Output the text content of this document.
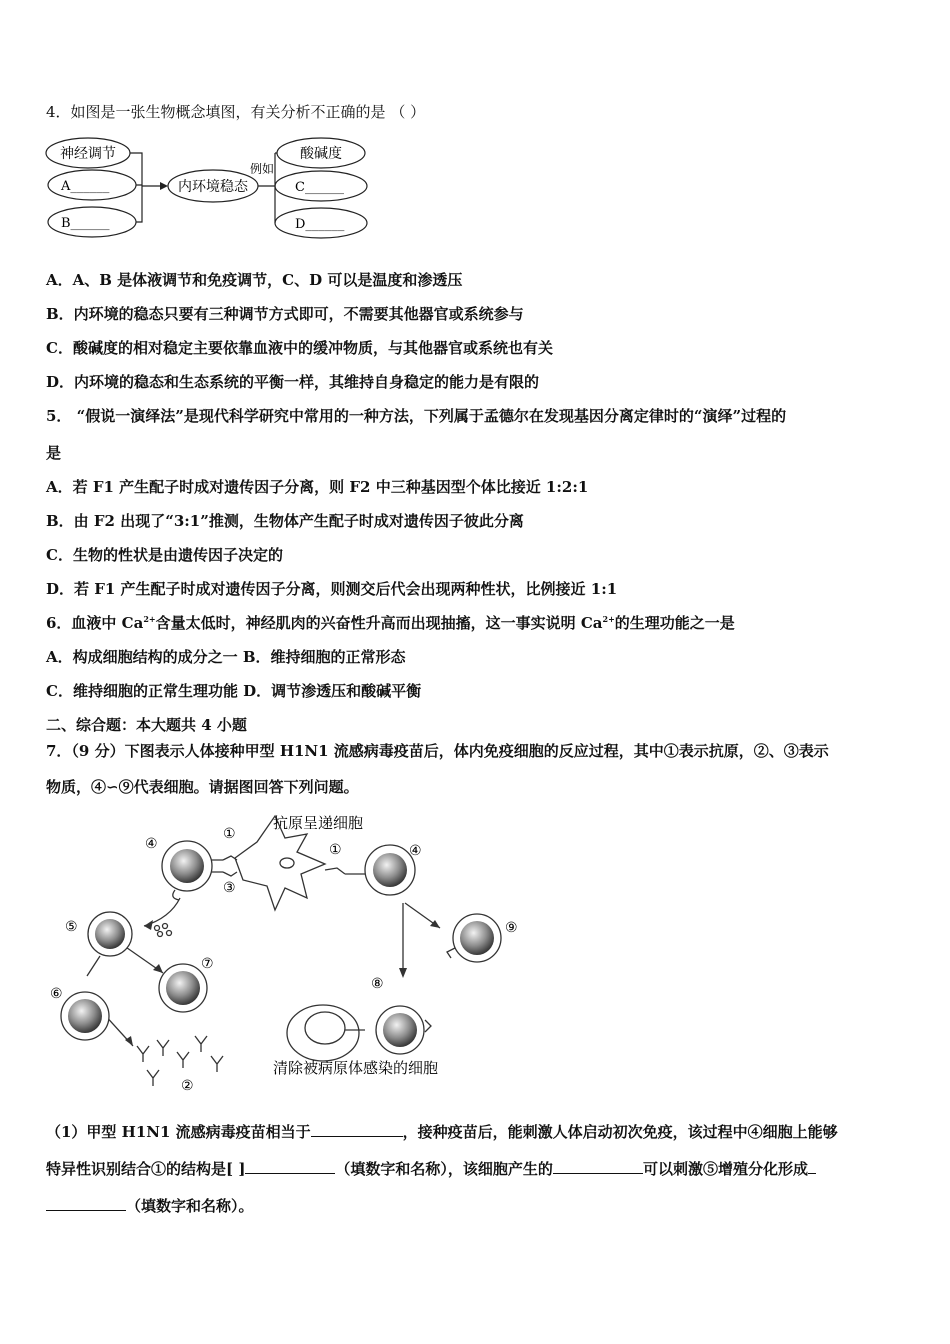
4．如图是一张生物概念填图，有关分析不正确的是 （ ）
神经调节
A______
B______
内环境稳态
例如
酸碱度
C______
D______
A．A、B 是体液调节和免疫调节，C、D 可以是温度和渗透压
B．内环境的稳态只要有三种调节方式即可，不需要其他器官或系统参与
C．酸碱度的相对稳定主要依靠血液中的缓冲物质，与其他器官或系统也有关
D．内环境的稳态和生态系统的平衡一样，其维持自身稳定的能力是有限的
5． “假说一演绎法”是现代科学研究中常用的一种方法，下列属于孟德尔在发现基因分离定律时的“演绎”过程的
是
A．若 F1 产生配子时成对遗传因子分离，则 F2 中三种基因型个体比接近 1:2:1
B．由 F2 出现了“3:1”推测，生物体产生配子时成对遗传因子彼此分离
C．生物的性状是由遗传因子决定的
D．若 F1 产生配子时成对遗传因子分离，则测交后代会出现两种性状，比例接近 1:1
6．血液中 $Ca^{2+}$含量太低时，神经肌肉的兴奋性升高而出现抽搐，这一事实说明 $Ca^{2+}$的生理功能之一是
A．构成细胞结构的成分之一 B．维持细胞的正常形态
C．维持细胞的正常生理功能 D．调节渗透压和酸碱平衡
二、综合题：本大题共 4 小题
7．（9 分）下图表示人体接种甲型 H1N1 流感病毒疫苗后，体内免疫细胞的反应过程，其中①表示抗原，②、③表示
物质，④∽⑨代表细胞。请据图回答下列问题。
抗原呈递细胞
清除被病原体感染的细胞
①
①
②
③
④	④
⑤
⑥
⑦
⑧
⑨
（1）甲型 H1N1 流感病毒疫苗相当于	，接种疫苗后，能刺激人体启动初次免疫，该过程中④细胞上能够
特异性识别结合①的结构是[ ]	（填数字和名称），该细胞产生的	可以刺激⑤增殖分化形成
（填数字和名称）。
